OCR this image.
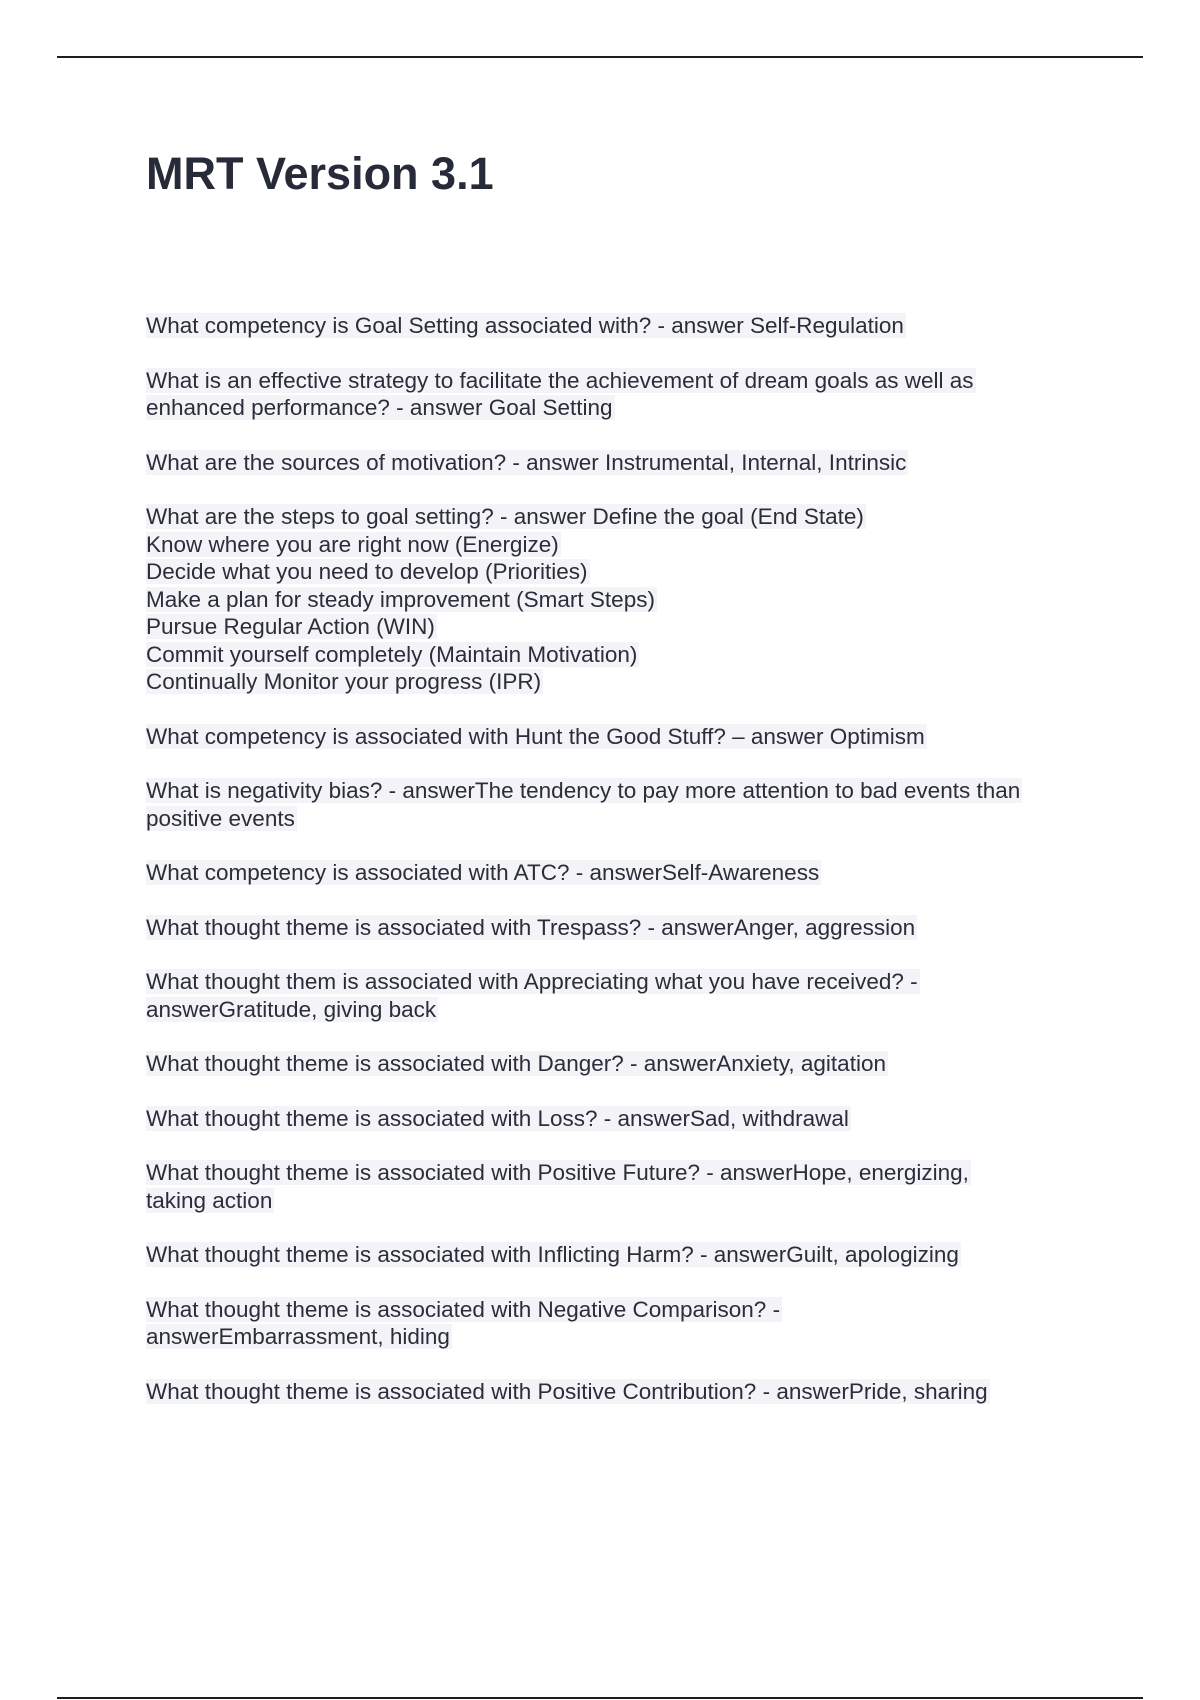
MRT Version 3.1
What competency is Goal Setting associated with? - answer Self-Regulation
What is an effective strategy to facilitate the achievement of dream goals as well as
enhanced performance? - answer Goal Setting
What are the sources of motivation? - answer Instrumental, Internal, Intrinsic
What are the steps to goal setting? - answer Define the goal (End State)
Know where you are right now (Energize)
Decide what you need to develop (Priorities)
Make a plan for steady improvement (Smart Steps)
Pursue Regular Action (WIN)
Commit yourself completely (Maintain Motivation)
Continually Monitor your progress (IPR)
What competency is associated with Hunt the Good Stuff? – answer Optimism
What is negativity bias? - answerThe tendency to pay more attention to bad events than
positive events
What competency is associated with ATC? - answerSelf-Awareness
What thought theme is associated with Trespass? - answerAnger, aggression
What thought them is associated with Appreciating what you have received? -
answerGratitude, giving back
What thought theme is associated with Danger? - answerAnxiety, agitation
What thought theme is associated with Loss? - answerSad, withdrawal
What thought theme is associated with Positive Future? - answerHope, energizing,
taking action
What thought theme is associated with Inflicting Harm? - answerGuilt, apologizing
What thought theme is associated with Negative Comparison? -
answerEmbarrassment, hiding
What thought theme is associated with Positive Contribution? - answerPride, sharing
